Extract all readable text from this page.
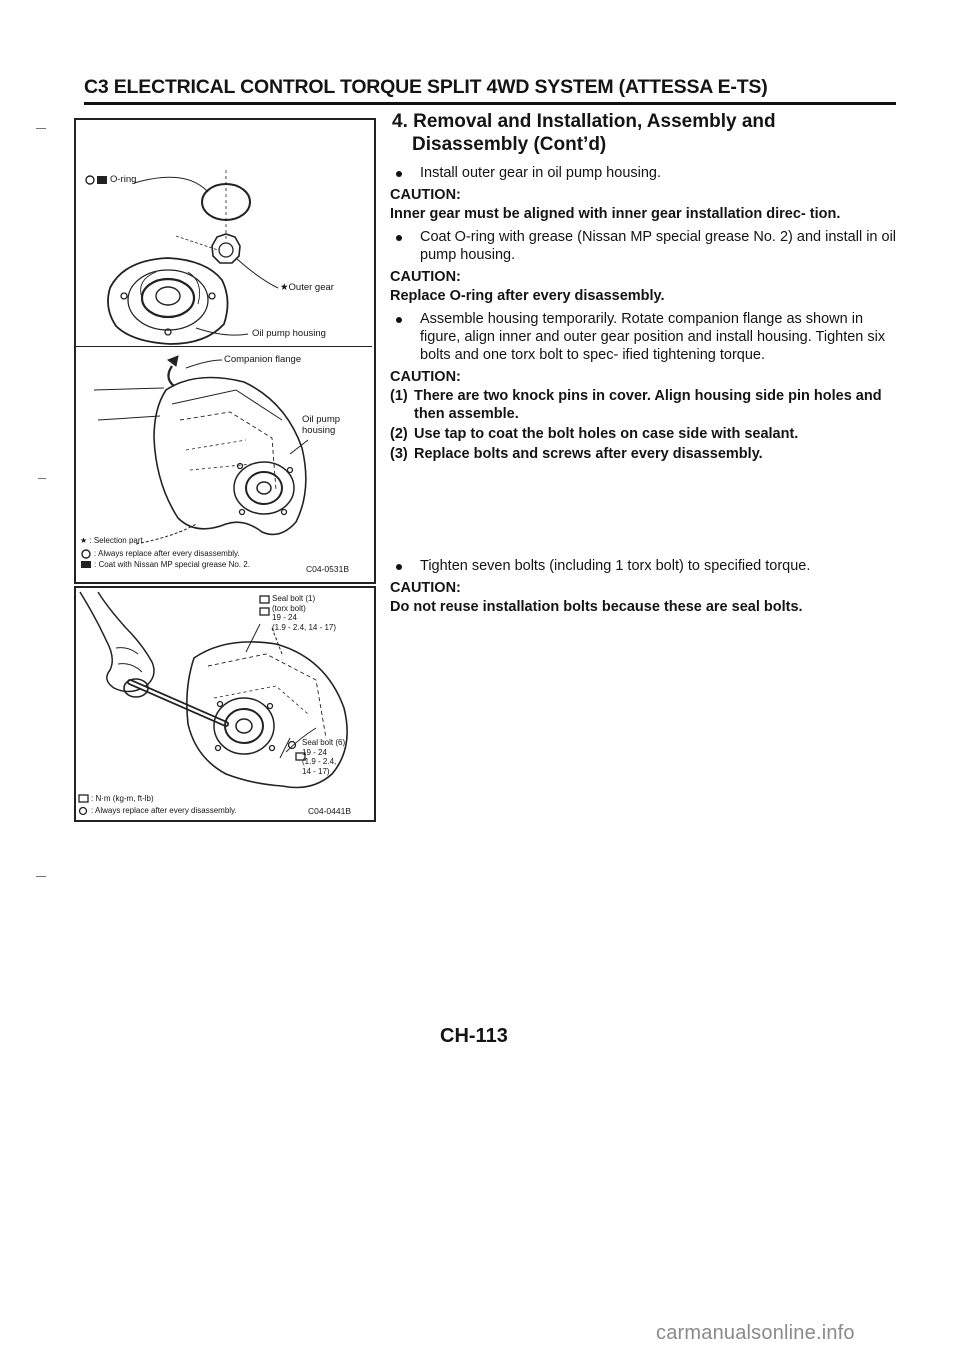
C3 ELECTRICAL CONTROL TORQUE SPLIT 4WD SYSTEM (ATTESSA E-TS)
O-ring
★Outer gear
Oil pump housing
Companion flange
Oil pump
housing
★ : Selection part
: Always replace after every disassembly.
: Coat with Nissan MP special grease No. 2.	C04-0531B
Seal bolt (1)
(torx bolt)
19 - 24
(1.9 - 2.4, 14 - 17)
Seal bolt (6)
19 - 24
(1.9 - 2.4,
14 - 17)
: N·m (kg-m, ft-lb)
: Always replace after every disassembly.	C04-0441B
4. Removal and Installation, Assembly and
Disassembly (Cont’d)
Install outer gear in oil pump housing.
CAUTION:
Inner gear must be aligned with inner gear installation direc- tion.
Coat O-ring with grease (Nissan MP special grease No. 2) and install in oil pump housing.
CAUTION:
Replace O-ring after every disassembly.
Assemble housing temporarily. Rotate companion flange as shown in figure, align inner and outer gear position and install housing. Tighten six bolts and one torx bolt to spec- ified tightening torque.
CAUTION:
(1) There are two knock pins in cover. Align housing side pin holes and then assemble.
(2) Use tap to coat the bolt holes on case side with sealant.
(3) Replace bolts and screws after every disassembly.
Tighten seven bolts (including 1 torx bolt) to specified torque.
CAUTION:
Do not reuse installation bolts because these are seal bolts.
CH-113
carmanualsonline.info
